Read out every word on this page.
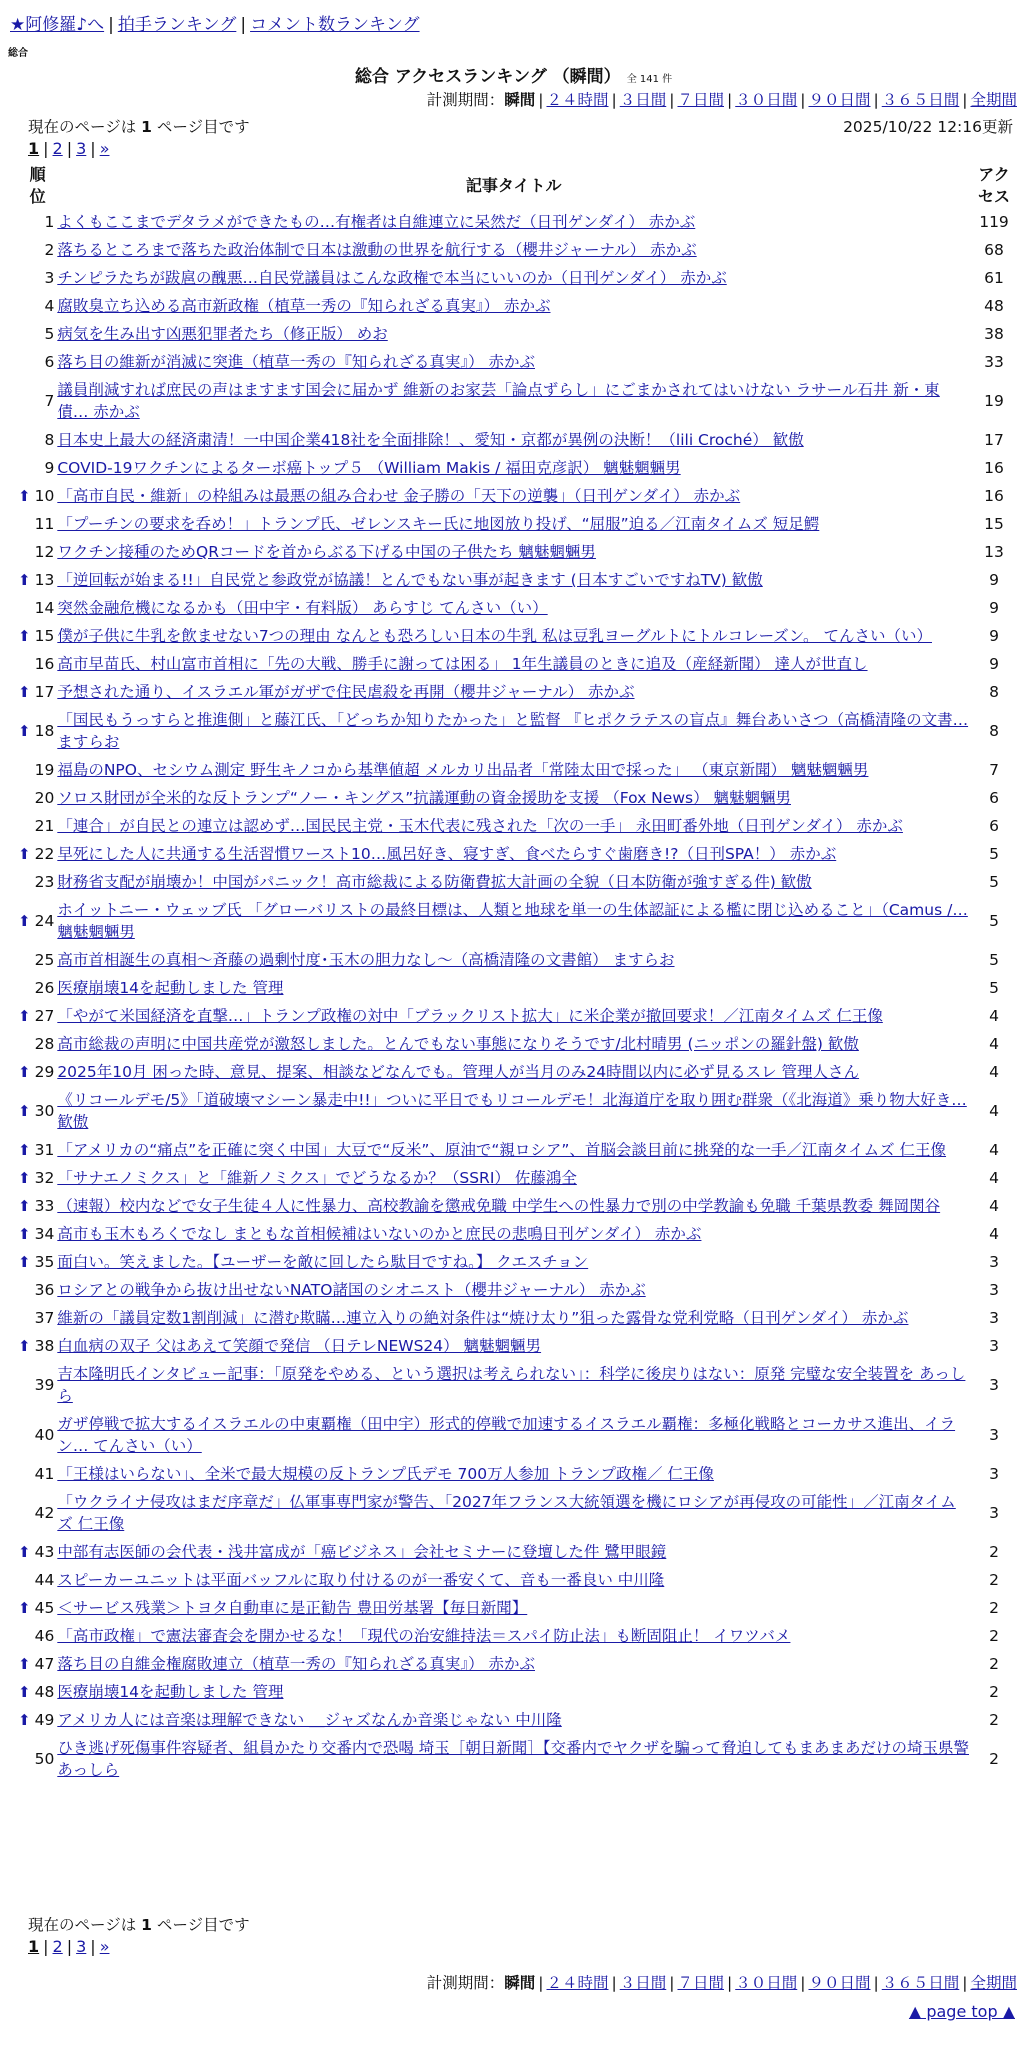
★阿修羅♪へ | 拍手ランキング | コメント数ランキング
総合
総合 アクセスランキング （瞬間） 全 141 件
計測期間：瞬間 | ２４時間 | ３日間 | ７日間 | ３０日間 | ９０日間 | ３６５日間 | 全期間
現在のページは 1 ページ目です	2025/10/22 12:16更新
1 | 2 | 3 | »
順位	記事タイトル	アクセス

1	よくもここまでデタラメができたもの…有権者は自維連立に呆然だ（日刊ゲンダイ） 赤かぶ	119
2	落ちるところまで落ちた政治体制で日本は激動の世界を航行する（櫻井ジャーナル） 赤かぶ	68
3	チンピラたちが跋扈の醜悪…自民党議員はこんな政権で本当にいいのか（日刊ゲンダイ） 赤かぶ	61
4	腐敗臭立ち込める高市新政権（植草一秀の『知られざる真実』） 赤かぶ	48
5	病気を生み出す凶悪犯罪者たち（修正版） めお	38
6	落ち目の維新が消滅に突進（植草一秀の『知られざる真実』） 赤かぶ	33
7	議員削減すれば庶民の声はますます国会に届かず 維新のお家芸「論点ずらし」にごまかされてはいけない ラサール石井 新・東債… 赤かぶ	19
8	日本史上最大の経済粛清！一中国企業418社を全面排除！、愛知・京都が異例の決断！（lili Croché） 歓傲	17
9	COVID-19ワクチンによるターボ癌トップ５ （William Makis / 福田克彦訳） 魑魅魍魎男	16
⬆ 10	「高市自民・維新」の枠組みは最悪の組み合わせ 金子勝の「天下の逆襲」（日刊ゲンダイ） 赤かぶ	16
11	「プーチンの要求を呑め！」トランプ氏、ゼレンスキー氏に地図放り投げ、“屈服”迫る／江南タイムズ 短足鰐	15
12	ワクチン接種のためQRコードを首からぶる下げる中国の子供たち 魑魅魍魎男	13
⬆ 13	「逆回転が始まる!!」自民党と参政党が協議！とんでもない事が起きます (日本すごいですねTV) 歓傲	9
14	突然金融危機になるかも（田中宇・有料版） あらすじ てんさい（い）	9
⬆ 15	僕が子供に牛乳を飲ませない7つの理由 なんとも恐ろしい日本の牛乳 私は豆乳ヨーグルトにトルコレーズン。 てんさい（い）	9
16	高市早苗氏、村山富市首相に「先の大戦、勝手に謝っては困る」 1年生議員のときに追及（産経新聞） 達人が世直し	9
⬆ 17	予想された通り、イスラエル軍がガザで住民虐殺を再開（櫻井ジャーナル） 赤かぶ	8
⬆ 18	「国民もうっすらと推進側」と藤江氏、「どっちか知りたかった」と監督 『ヒポクラテスの盲点』舞台あいさつ（高橋清隆の文書… ますらお	8
19	福島のNPO、セシウム測定 野生キノコから基準値超 メルカリ出品者「常陸太田で採った」 （東京新聞） 魑魅魍魎男	7
20	ソロス財団が全米的な反トランプ“ノー・キングス”抗議運動の資金援助を支援 （Fox News） 魑魅魍魎男	6
21	「連合」が自民との連立は認めず…国民民主党・玉木代表に残された「次の一手」 永田町番外地（日刊ゲンダイ） 赤かぶ	6
⬆ 22	早死にした人に共通する生活習慣ワースト10…風呂好き、寝すぎ、食べたらすぐ歯磨き!?（日刊SPA！） 赤かぶ	5
23	財務省支配が崩壊か！中国がパニック！高市総裁による防衛費拡大計画の全貌（日本防衛が強すぎる件) 歓傲	5
⬆ 24	ホイットニー・ウェッブ氏 「グローバリストの最終目標は、人類と地球を単一の生体認証による檻に閉じ込めること」（Camus /… 魑魅魍魎男	5
25	高市首相誕生の真相〜斉藤の過剰忖度･玉木の胆力なし〜（高橋清隆の文書館） ますらお	5
26	医療崩壊14を起動しました 管理	5
⬆ 27	「やがて米国経済を直撃…」トランプ政権の対中「ブラックリスト拡大」に米企業が撤回要求！／江南タイムズ 仁王像	4
28	高市総裁の声明に中国共産党が激怒しました。とんでもない事態になりそうです/北村晴男 (ニッポンの羅針盤) 歓傲	4
⬆ 29	2025年10月 困った時、意見、提案、相談などなんでも。管理人が当月のみ24時間以内に必ず見るスレ 管理人さん	4
⬆ 30	《リコールデモ/5》「道破壊マシーン暴走中!!」ついに平日でもリコールデモ！北海道庁を取り囲む群衆（《北海道》乗り物大好き… 歓傲	4
⬆ 31	「アメリカの“痛点”を正確に突く中国」大豆で“反米”、原油で“親ロシア”、首脳会談目前に挑発的な一手／江南タイムズ 仁王像	4
⬆ 32	「サナエノミクス」と「維新ノミクス」でどうなるか？（SSRI） 佐藤鴻全	4
⬆ 33	（速報）校内などで女子生徒４人に性暴力、高校教諭を懲戒免職 中学生への性暴力で別の中学教諭も免職 千葉県教委 舞岡関谷	4
⬆ 34	高市も玉木もろくでなし まともな首相候補はいないのかと庶民の悲鳴日刊ゲンダイ） 赤かぶ	4
⬆ 35	面白い。笑えました。【ユーザーを敵に回したら駄目ですね。】 クエスチョン	3
36	ロシアとの戦争から抜け出せないNATO諸国のシオニスト（櫻井ジャーナル） 赤かぶ	3
37	維新の「議員定数1割削減」に潜む欺瞞…連立入りの絶対条件は“焼け太り”狙った露骨な党利党略（日刊ゲンダイ） 赤かぶ	3
⬆ 38	白血病の双子 父はあえて笑顔で発信 （日テレNEWS24） 魑魅魍魎男	3
39	吉本隆明氏インタビュー記事：「原発をやめる、という選択は考えられない」：科学に後戻りはない：原発 完璧な安全装置を あっしら	3
40	ガザ停戦で拡大するイスラエルの中東覇権（田中宇）形式的停戦で加速するイスラエル覇権：多極化戦略とコーカサス進出、イラン… てんさい（い）	3
41	「王様はいらない」、全米で最大規模の反トランプ氏デモ 700万人参加 トランプ政権／ 仁王像	3
42	「ウクライナ侵攻はまだ序章だ」仏軍事専門家が警告、「2027年フランス大統領選を機にロシアが再侵攻の可能性」／江南タイムズ 仁王像	3
⬆ 43	中部有志医師の会代表・浅井富成が「癌ビジネス」会社セミナーに登壇した件 鷺甲眼鏡	2
44	スピーカーユニットは平面バッフルに取り付けるのが一番安くて、音も一番良い 中川隆	2
⬆ 45	＜サービス残業＞トヨタ自動車に是正勧告 豊田労基署【毎日新聞】	2
46	「高市政権」で憲法審査会を開かせるな！「現代の治安維持法＝スパイ防止法」も断固阻止！ イワツバメ	2
⬆ 47	落ち目の自維金権腐敗連立（植草一秀の『知られざる真実』） 赤かぶ	2
⬆ 48	医療崩壊14を起動しました 管理	2
⬆ 49	アメリカ人には音楽は理解できない ＿ジャズなんか音楽じゃない 中川隆	2
50	ひき逃げ死傷事件容疑者、組員かたり交番内で恐喝 埼玉［朝日新聞］【交番内でヤクザを騙って脅迫してもまあまあだけの埼玉県警 あっしら	2
現在のページは 1 ページ目です
1 | 2 | 3 | »
計測期間：瞬間 | ２４時間 | ３日間 | ７日間 | ３０日間 | ９０日間 | ３６５日間 | 全期間
▲ page top ▲
